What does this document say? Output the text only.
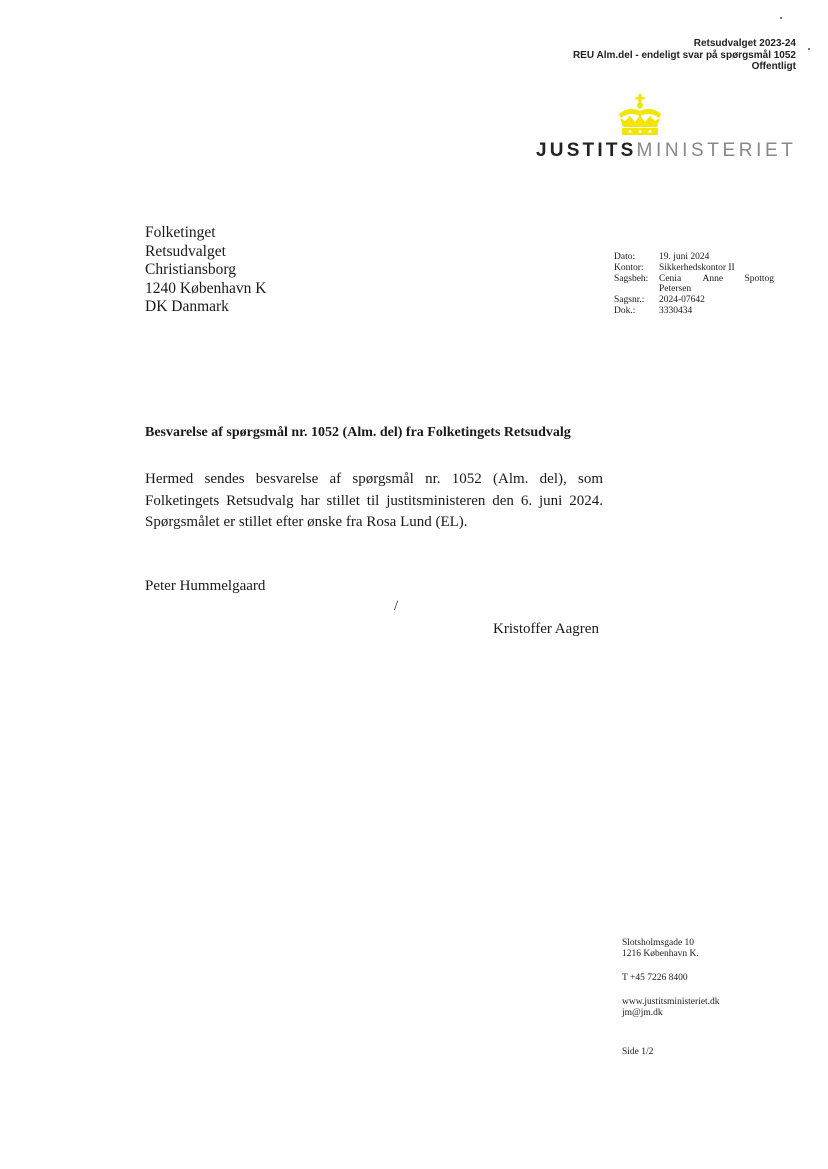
Retsudvalget 2023-24
REU Alm.del - endeligt svar på spørgsmål 1052
Offentligt
JUSTITSMINISTERIET
Folketinget
Retsudvalget
Christiansborg
1240 København K
DK Danmark
Dato:	19. juni 2024
Kontor:	Sikkerhedskontor II
Sagsbeh:	Cenia Anne Spottog
Petersen
Sagsnr.:	2024-07642
Dok.:	3330434
Besvarelse af spørgsmål nr. 1052 (Alm. del) fra Folketingets Retsudvalg
Hermed sendes besvarelse af spørgsmål nr. 1052 (Alm. del), som
Folketingets Retsudvalg har stillet til justitsministeren den 6. juni 2024.
Spørgsmålet er stillet efter ønske fra Rosa Lund (EL).
Peter Hummelgaard
/
Kristoffer Aagren
Slotsholmsgade 10
1216 København K.
T +45 7226 8400
www.justitsministeriet.dk
jm@jm.dk
Side 1/2
